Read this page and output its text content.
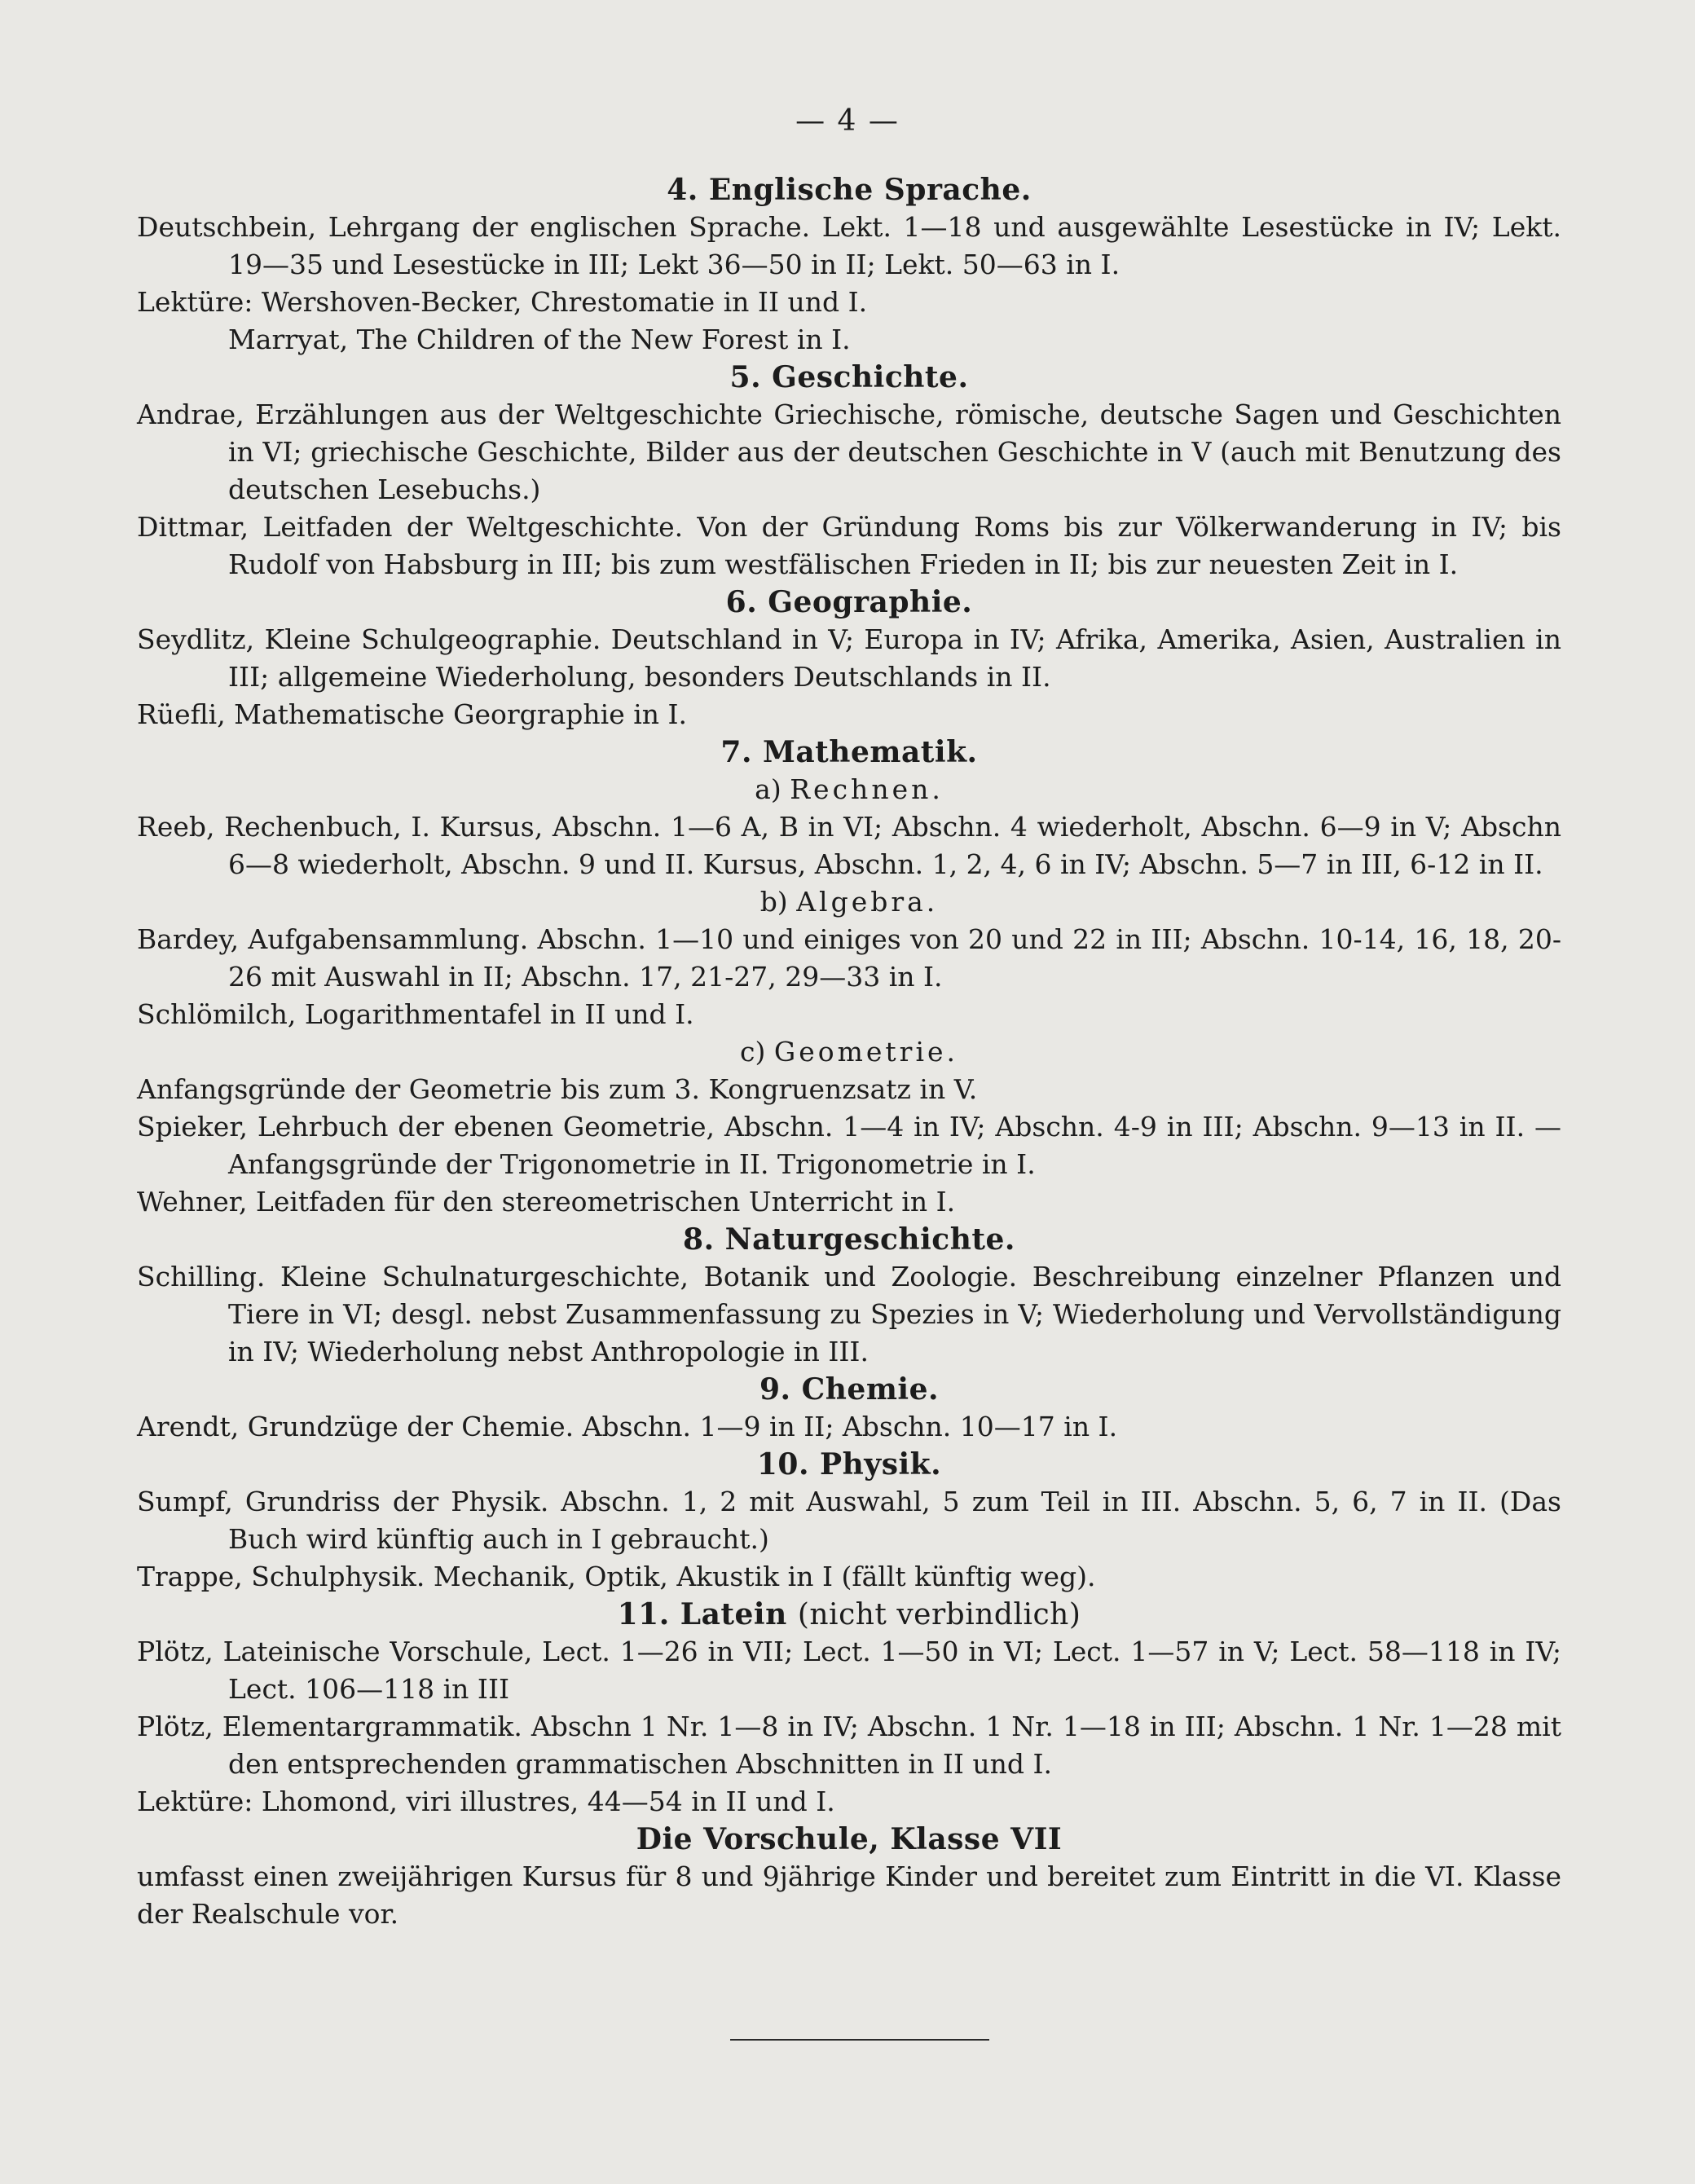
— 4 —
4. Englische Sprache.

Deutschbein, Lehrgang der englischen Sprache. Lekt. 1—18 und ausgewählte Lesestücke in IV; Lekt. 19—35 und Lesestücke in III; Lekt 36—50 in II; Lekt. 50—63 in I.

Lektüre: Wershoven-Becker, Chrestomatie in II und I.

Marryat, The Children of the New Forest in I.

5. Geschichte.

Andrae, Erzählungen aus der Weltgeschichte Griechische, römische, deutsche Sagen und Geschichten in VI; griechische Geschichte, Bilder aus der deutschen Geschichte in V (auch mit Benutzung des deutschen Lesebuchs.)

Dittmar, Leitfaden der Weltgeschichte. Von der Gründung Roms bis zur Völkerwanderung in IV; bis Rudolf von Habsburg in III; bis zum westfälischen Frieden in II; bis zur neuesten Zeit in I.

6. Geographie.

Seydlitz, Kleine Schulgeographie. Deutschland in V; Europa in IV; Afrika, Amerika, Asien, Australien in III; allgemeine Wiederholung, besonders Deutschlands in II.

Rüefli, Mathematische Georgraphie in I.

7. Mathematik.
a) Rechnen.

Reeb, Rechenbuch, I. Kursus, Abschn. 1—6 A, B in VI; Abschn. 4 wiederholt, Abschn. 6—9 in V; Abschn 6—8 wiederholt, Abschn. 9 und II. Kursus, Abschn. 1, 2, 4, 6 in IV; Abschn. 5—7 in III, 6-12 in II.

b) Algebra.

Bardey, Aufgabensammlung. Abschn. 1—10 und einiges von 20 und 22 in III; Abschn. 10-14, 16, 18, 20-26 mit Auswahl in II; Abschn. 17, 21-27, 29—33 in I.

Schlömilch, Logarithmentafel in II und I.

c) Geometrie.

Anfangsgründe der Geometrie bis zum 3. Kongruenzsatz in V.

Spieker, Lehrbuch der ebenen Geometrie, Abschn. 1—4 in IV; Abschn. 4-9 in III; Abschn. 9—13 in II. — Anfangsgründe der Trigonometrie in II. Trigonometrie in I.

Wehner, Leitfaden für den stereometrischen Unterricht in I.

8. Naturgeschichte.

Schilling. Kleine Schulnaturgeschichte, Botanik und Zoologie. Beschreibung einzelner Pflanzen und Tiere in VI; desgl. nebst Zusammenfassung zu Spezies in V; Wiederholung und Vervollständigung in IV; Wiederholung nebst Anthropologie in III.

9. Chemie.

Arendt, Grundzüge der Chemie. Abschn. 1—9 in II; Abschn. 10—17 in I.

10. Physik.

Sumpf, Grundriss der Physik. Abschn. 1, 2 mit Auswahl, 5 zum Teil in III. Abschn. 5, 6, 7 in II. (Das Buch wird künftig auch in I gebraucht.)

Trappe, Schulphysik. Mechanik, Optik, Akustik in I (fällt künftig weg).

11. Latein (nicht verbindlich)

Plötz, Lateinische Vorschule, Lect. 1—26 in VII; Lect. 1—50 in VI; Lect. 1—57 in V; Lect. 58—118 in IV; Lect. 106—118 in III

Plötz, Elementargrammatik. Abschn 1 Nr. 1—8 in IV; Abschn. 1 Nr. 1—18 in III; Abschn. 1 Nr. 1—28 mit den entsprechenden grammatischen Abschnitten in II und I.

Lektüre: Lhomond, viri illustres, 44—54 in II und I.

Die Vorschule, Klasse VII

umfasst einen zweijährigen Kursus für 8 und 9jährige Kinder und bereitet zum Eintritt in die VI. Klasse der Realschule vor.
